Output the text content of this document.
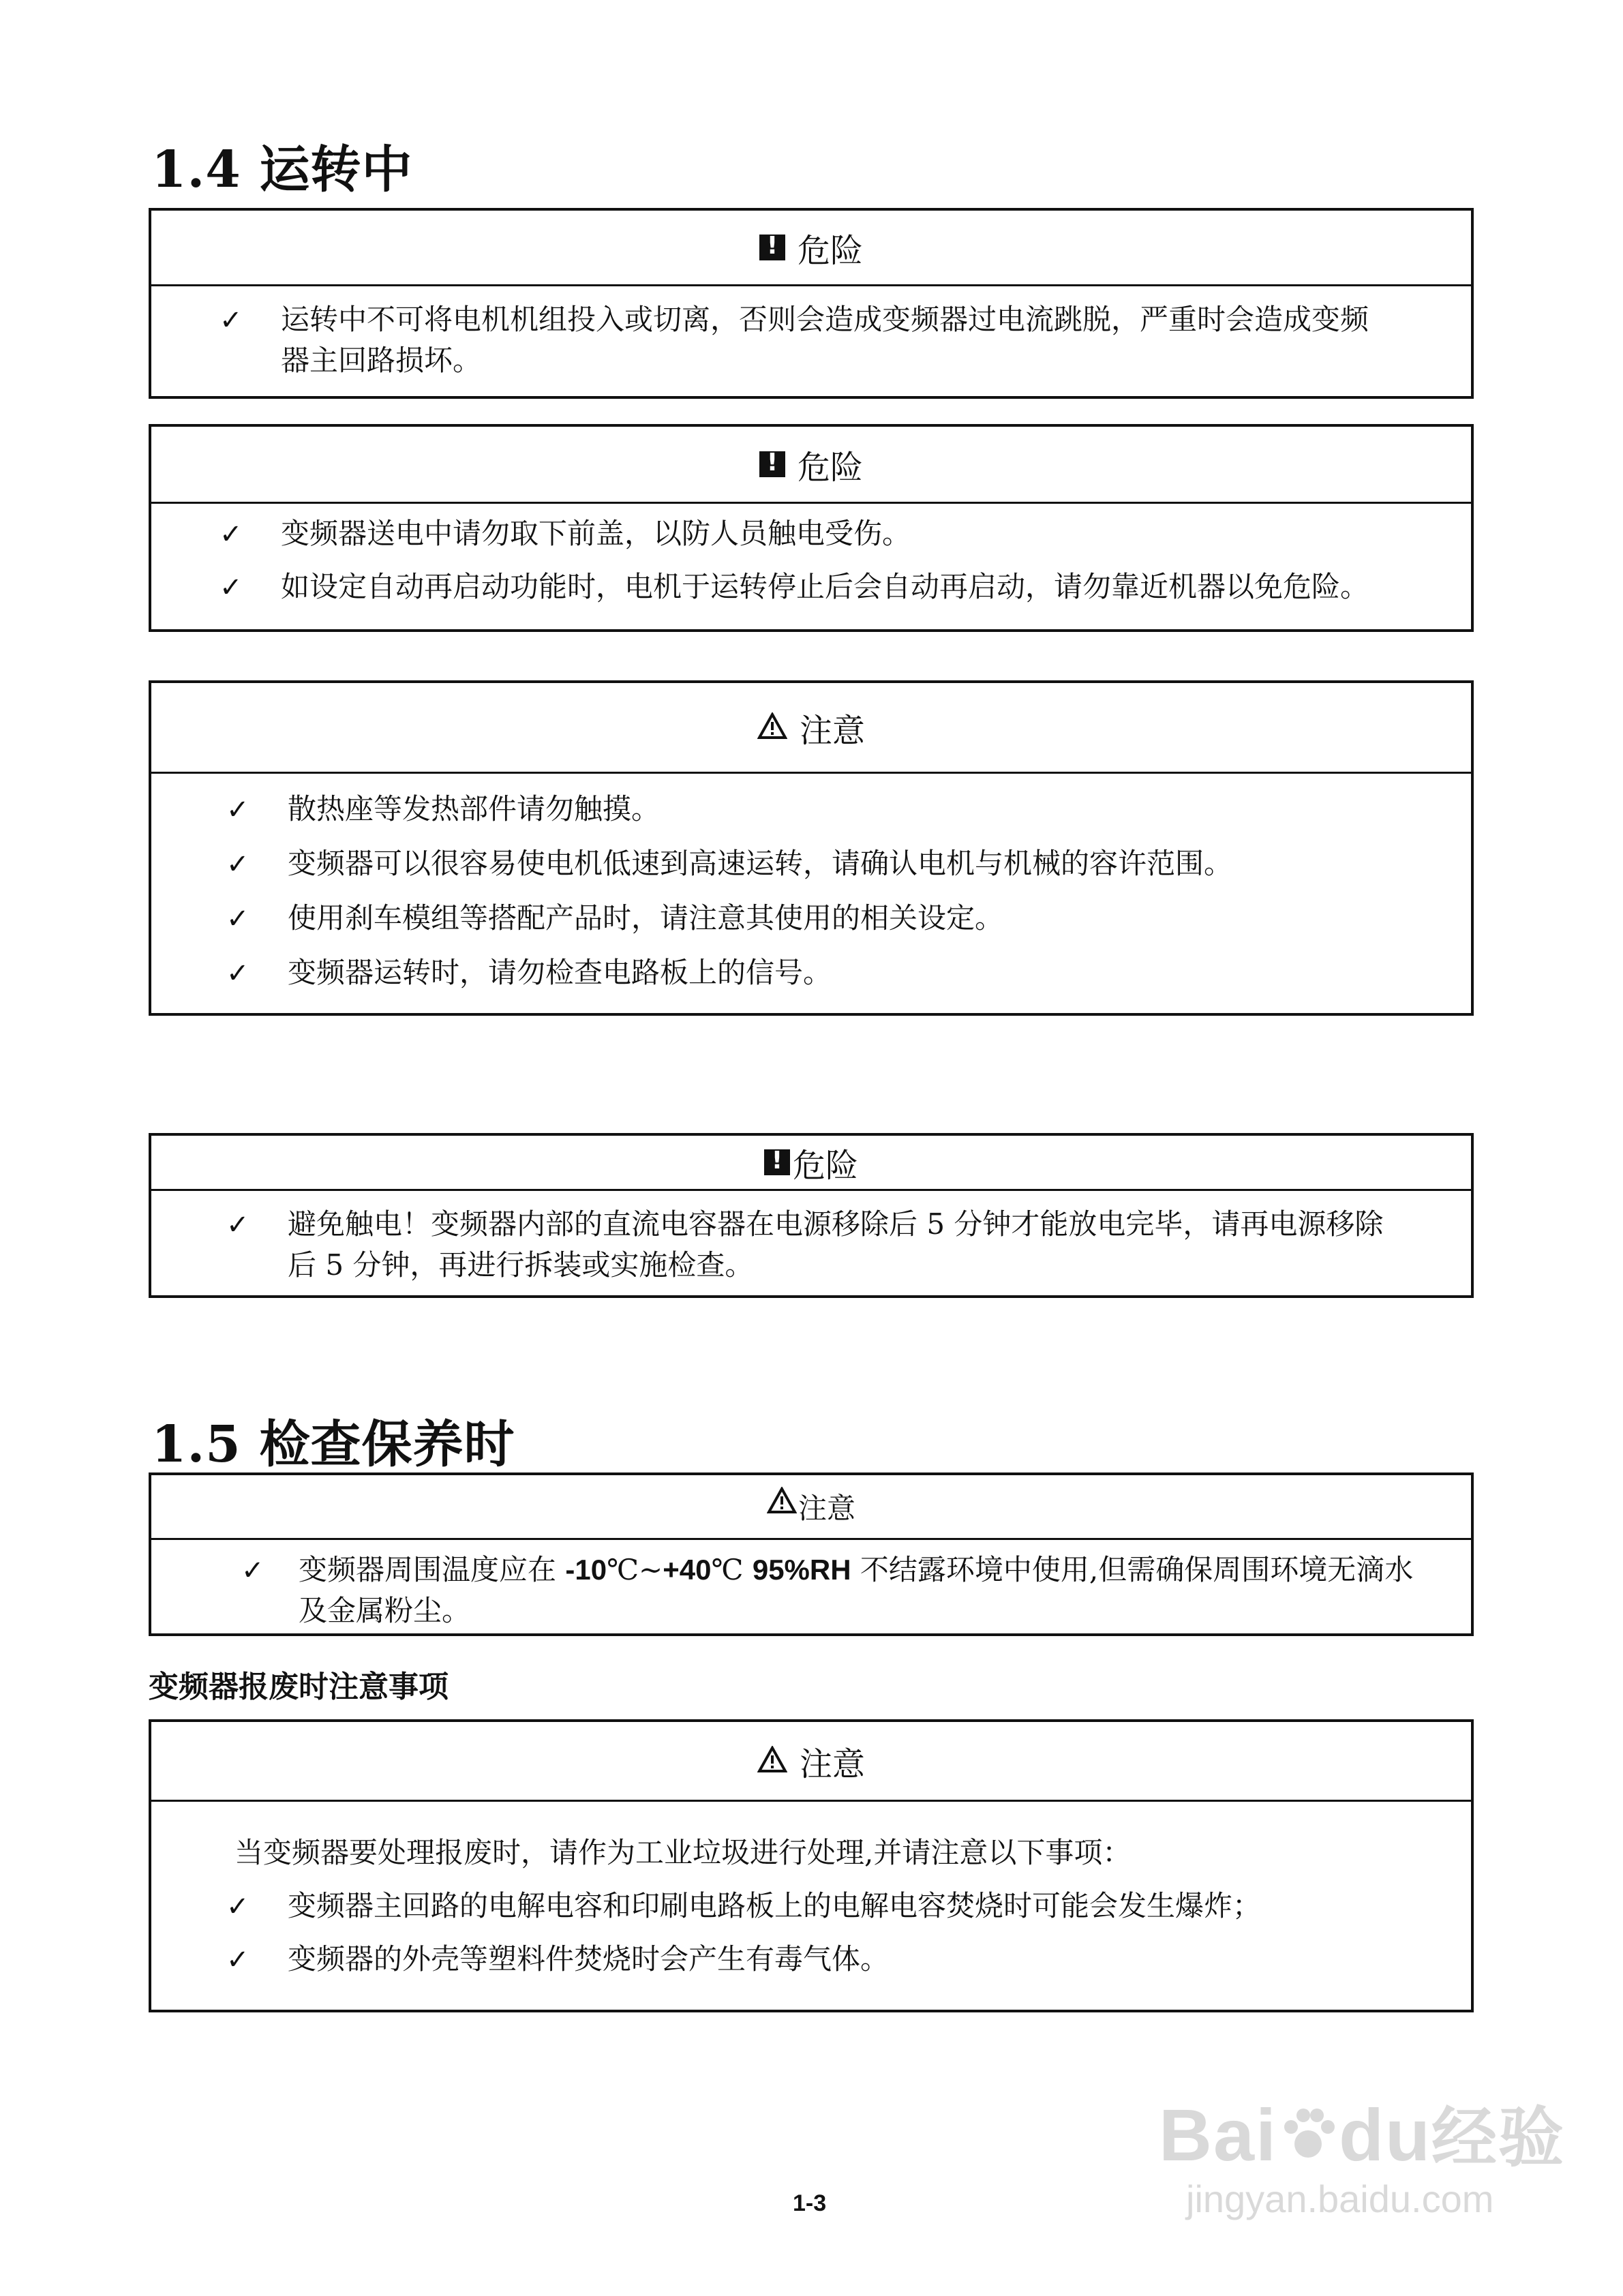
1.4 运转中
!
危险
✓ 运转中不可将电机机组投入或切离，否则会造成变频器过电流跳脱，严重时会造成变频
器主回路损坏。
!
危险
✓ 变频器送电中请勿取下前盖，以防人员触电受伤。
✓ 如设定自动再启动功能时，电机于运转停止后会自动再启动，请勿靠近机器以免危险。
注意
✓ 散热座等发热部件请勿触摸。
✓ 变频器可以很容易使电机低速到高速运转，请确认电机与机械的容许范围。
✓ 使用刹车模组等搭配产品时，请注意其使用的相关设定。
✓ 变频器运转时，请勿检查电路板上的信号。
!
危险
✓ 避免触电！变频器内部的直流电容器在电源移除后 5 分钟才能放电完毕，请再电源移除
后 5 分钟，再进行拆装或实施检查。
1.5 检查保养时
注意
✓ 变频器周围温度应在 -10℃~+40℃ 95%RH 不结露环境中使用,但需确保周围环境无滴水
及金属粉尘。
变频器报废时注意事项
注意
当变频器要处理报废时，请作为工业垃圾进行处理,并请注意以下事项：
✓ 变频器主回路的电解电容和印刷电路板上的电解电容焚烧时可能会发生爆炸；
✓ 变频器的外壳等塑料件焚烧时会产生有毒气体。
Bai du经验
jingyan.baidu.com
1-3
